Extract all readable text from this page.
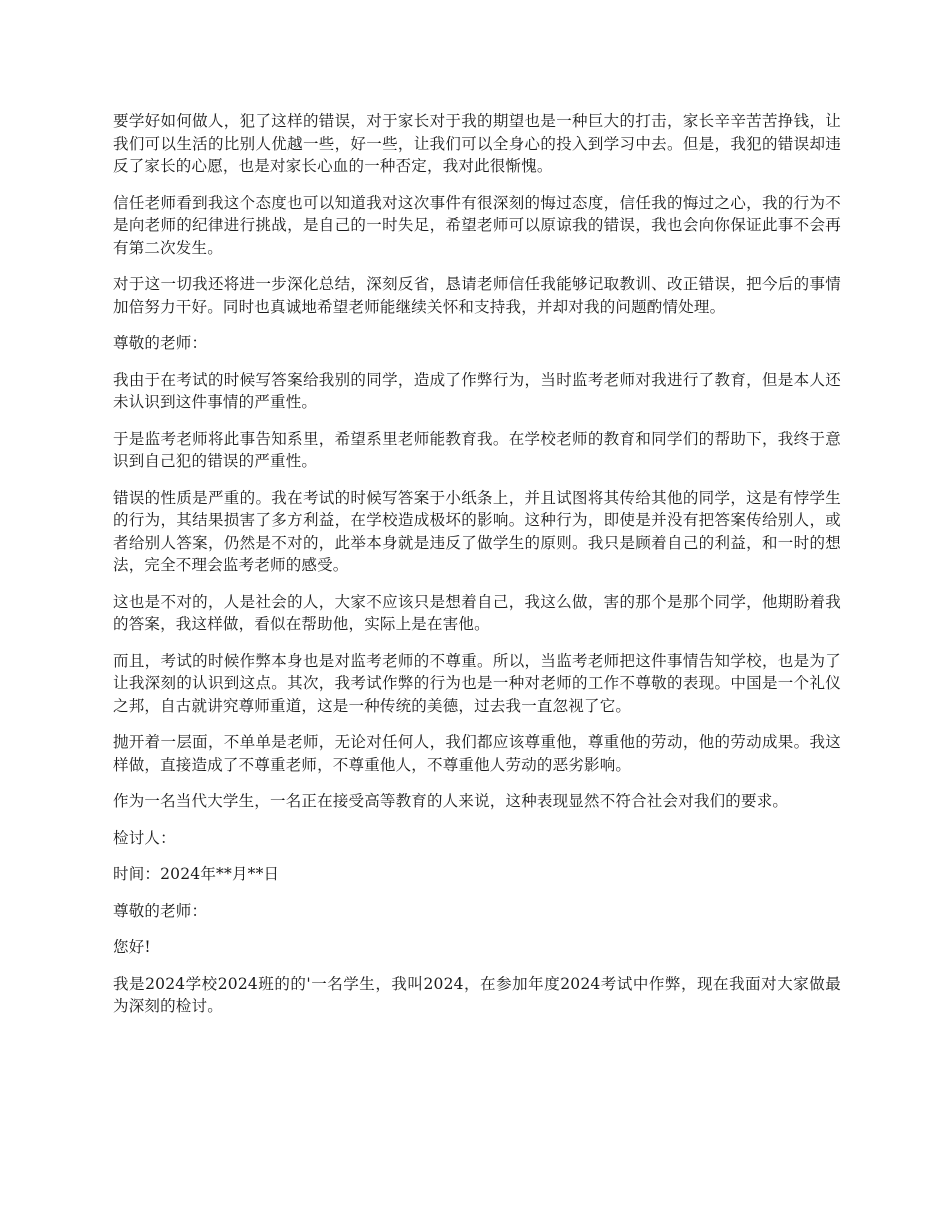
要学好如何做人，犯了这样的错误，对于家长对于我的期望也是一种巨大的打击，家长辛辛苦苦挣钱，让我们可以生活的比别人优越一些，好一些，让我们可以全身心的投入到学习中去。但是，我犯的错误却违反了家长的心愿，也是对家长心血的一种否定，我对此很惭愧。

信任老师看到我这个态度也可以知道我对这次事件有很深刻的悔过态度，信任我的悔过之心，我的行为不是向老师的纪律进行挑战，是自己的一时失足，希望老师可以原谅我的错误，我也会向你保证此事不会再有第二次发生。

对于这一切我还将进一步深化总结，深刻反省，恳请老师信任我能够记取教训、改正错误，把今后的事情加倍努力干好。同时也真诚地希望老师能继续关怀和支持我，并却对我的问题酌情处理。

尊敬的老师：

我由于在考试的时候写答案给我别的同学，造成了作弊行为，当时监考老师对我进行了教育，但是本人还未认识到这件事情的严重性。

于是监考老师将此事告知系里，希望系里老师能教育我。在学校老师的教育和同学们的帮助下，我终于意识到自己犯的错误的严重性。

错误的性质是严重的。我在考试的时候写答案于小纸条上，并且试图将其传给其他的同学，这是有悖学生的行为，其结果损害了多方利益，在学校造成极坏的影响。这种行为，即使是并没有把答案传给别人，或者给别人答案，仍然是不对的，此举本身就是违反了做学生的原则。我只是顾着自己的利益，和一时的想法，完全不理会监考老师的感受。

这也是不对的，人是社会的人，大家不应该只是想着自己，我这么做，害的那个是那个同学，他期盼着我的答案，我这样做，看似在帮助他，实际上是在害他。

而且，考试的时候作弊本身也是对监考老师的不尊重。所以，当监考老师把这件事情告知学校，也是为了让我深刻的认识到这点。其次，我考试作弊的行为也是一种对老师的工作不尊敬的表现。中国是一个礼仪之邦，自古就讲究尊师重道，这是一种传统的美德，过去我一直忽视了它。

抛开着一层面，不单单是老师，无论对任何人，我们都应该尊重他，尊重他的劳动，他的劳动成果。我这样做，直接造成了不尊重老师，不尊重他人，不尊重他人劳动的恶劣影响。

作为一名当代大学生，一名正在接受高等教育的人来说，这种表现显然不符合社会对我们的要求。

检讨人：

时间：2024年**月**日

尊敬的老师：

您好!

我是2024学校2024班的的'一名学生，我叫2024，在参加年度2024考试中作弊，现在我面对大家做最为深刻的检讨。
